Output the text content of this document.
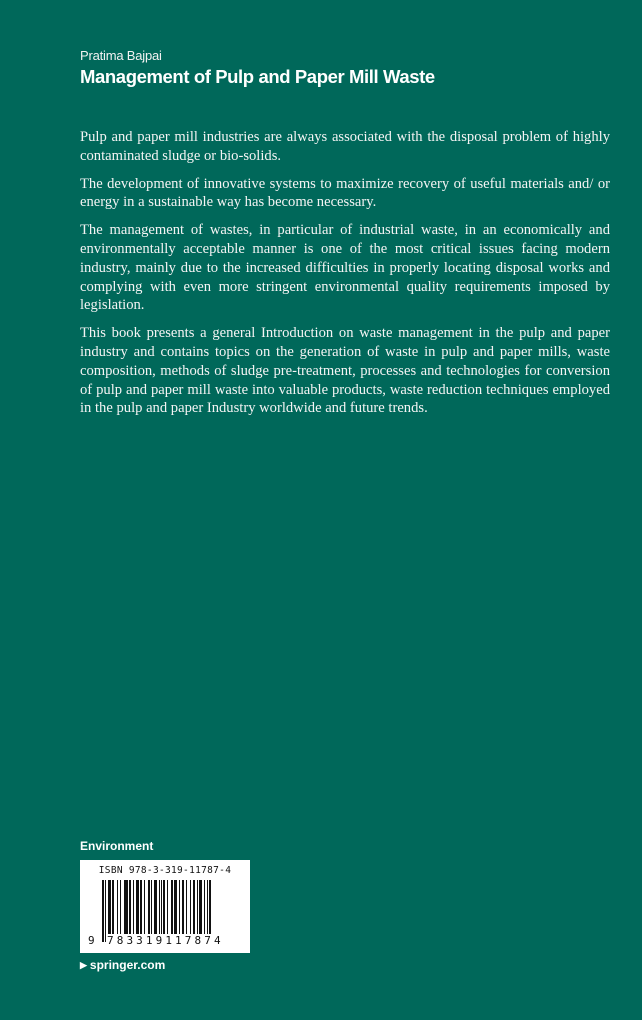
Pratima Bajpai
Management of Pulp and Paper Mill Waste

Pulp and paper mill industries are always associated with the disposal problem of highly contaminated sludge or bio-solids.

The development of innovative systems to maximize recovery of useful materials and/ or energy in a sustainable way has become necessary.

The management of wastes, in particular of industrial waste, in an economically and environmentally acceptable manner is one of the most critical issues facing modern industry, mainly due to the increased difficulties in properly locating disposal works and complying with even more stringent environmental quality requirements imposed by legislation.

This book presents a general Introduction on waste management in the pulp and paper industry and contains topics on the generation of waste in pulp and paper mills, waste composition, methods of sludge pre-treatment, processes and technologies for conversion of pulp and paper mill waste into valuable products, waste reduction techniques employed in the pulp and paper Industry worldwide and future trends.

Environment
ISBN 978-3-319-11787-4
9 783319117874
▶ springer.com
